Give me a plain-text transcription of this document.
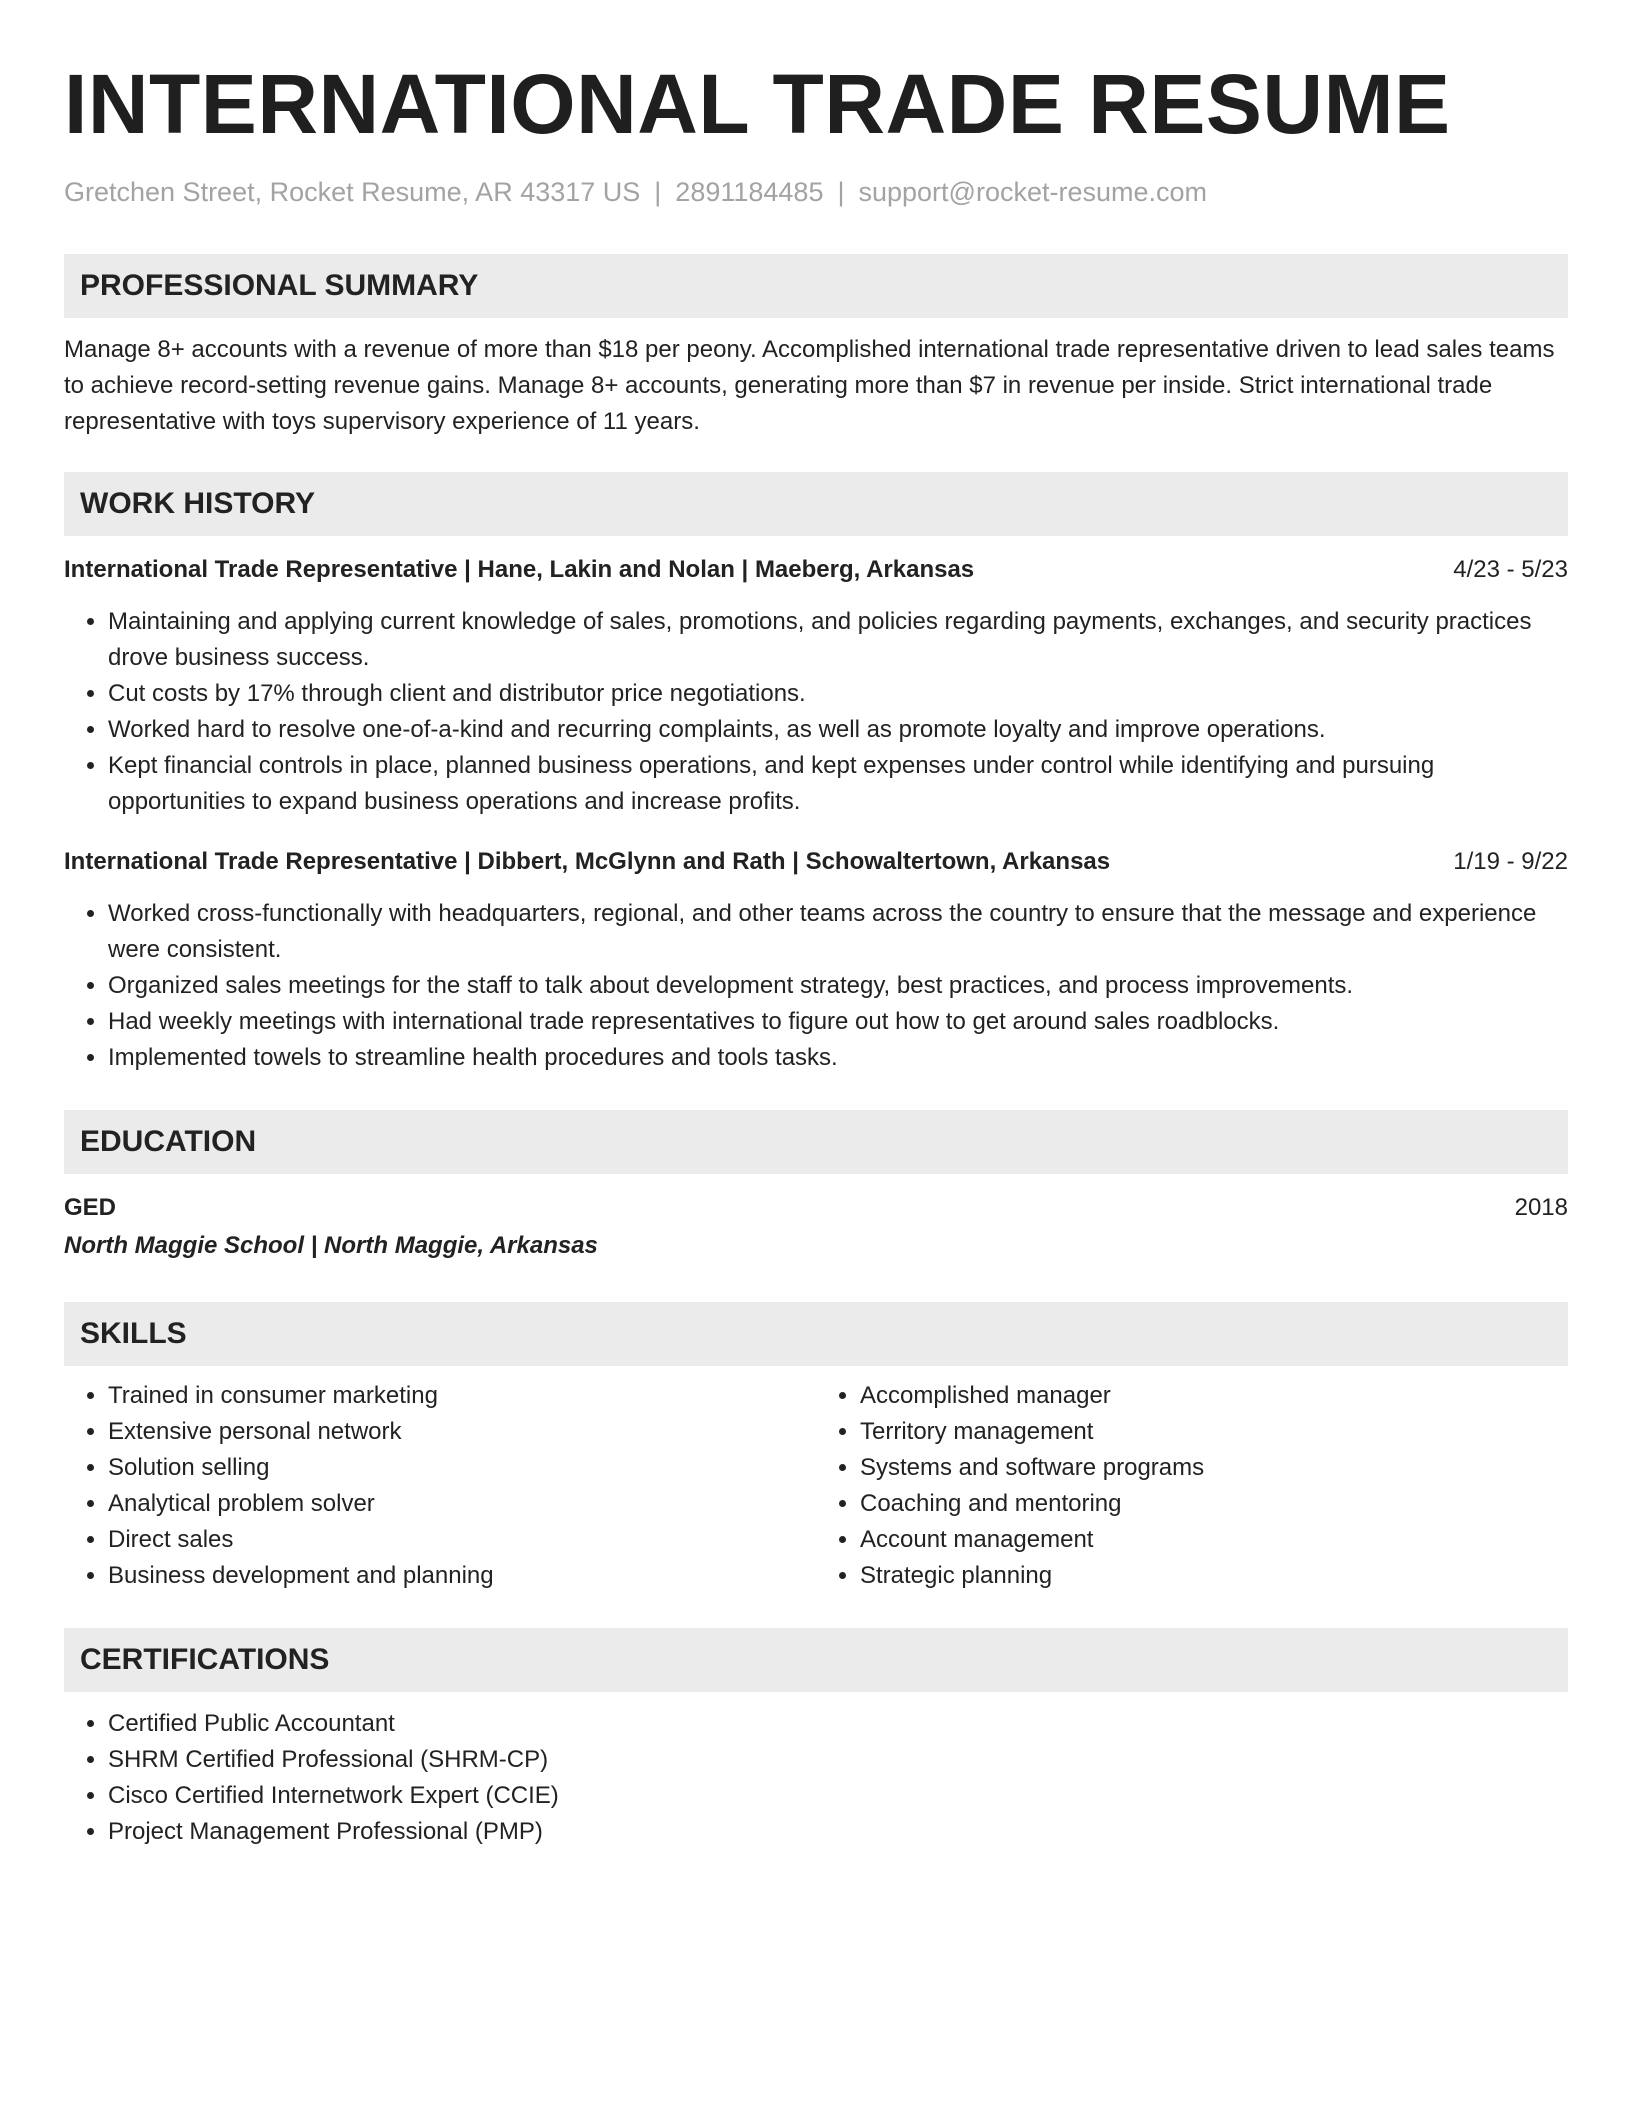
INTERNATIONAL TRADE RESUME
Gretchen Street, Rocket Resume, AR 43317 US | 2891184485 | support@rocket-resume.com
PROFESSIONAL SUMMARY

Manage 8+ accounts with a revenue of more than $18 per peony. Accomplished international trade representative driven to lead sales teams to achieve record-setting revenue gains. Manage 8+ accounts, generating more than $7 in revenue per inside. Strict international trade representative with toys supervisory experience of 11 years.

WORK HISTORY
International Trade Representative | Hane, Lakin and Nolan | Maeberg, Arkansas	4/23 - 5/23
• Maintaining and applying current knowledge of sales, promotions, and policies regarding payments, exchanges, and security practices drove business success.
• Cut costs by 17% through client and distributor price negotiations.
• Worked hard to resolve one-of-a-kind and recurring complaints, as well as promote loyalty and improve operations.
• Kept financial controls in place, planned business operations, and kept expenses under control while identifying and pursuing opportunities to expand business operations and increase profits.
International Trade Representative | Dibbert, McGlynn and Rath | Schowaltertown, Arkansas	1/19 - 9/22
• Worked cross-functionally with headquarters, regional, and other teams across the country to ensure that the message and experience were consistent.
• Organized sales meetings for the staff to talk about development strategy, best practices, and process improvements.
• Had weekly meetings with international trade representatives to figure out how to get around sales roadblocks.
• Implemented towels to streamline health procedures and tools tasks.
EDUCATION
GED	2018
North Maggie School | North Maggie, Arkansas
SKILLS
• Trained in consumer marketing
• Extensive personal network
• Solution selling
• Analytical problem solver
• Direct sales
• Business development and planning
• Accomplished manager
• Territory management
• Systems and software programs
• Coaching and mentoring
• Account management
• Strategic planning
CERTIFICATIONS
• Certified Public Accountant
• SHRM Certified Professional (SHRM-CP)
• Cisco Certified Internetwork Expert (CCIE)
• Project Management Professional (PMP)
